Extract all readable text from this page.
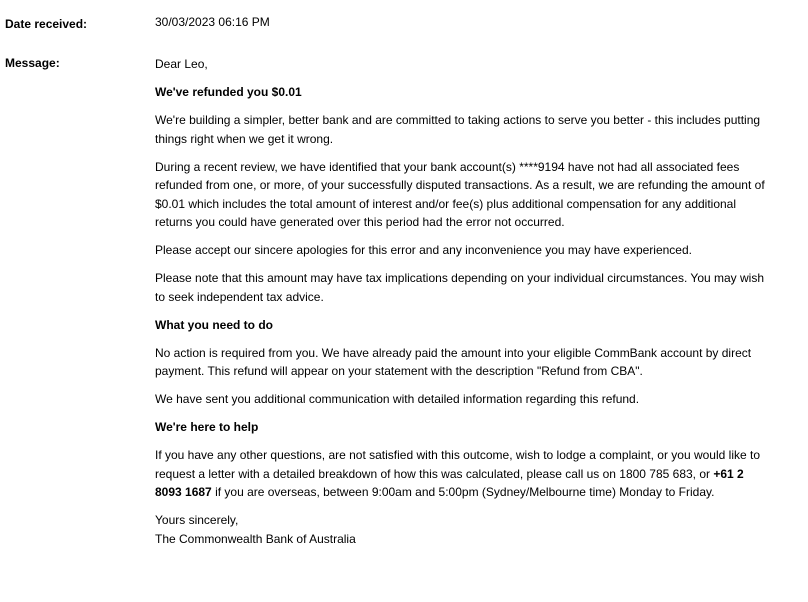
Date received:	30/03/2023 06:16 PM
Message:	Dear Leo,

We've refunded you $0.01

We're building a simpler, better bank and are committed to taking actions to serve you better - this includes putting things right when we get it wrong.

During a recent review, we have identified that your bank account(s) ****9194 have not had all associated fees refunded from one, or more, of your successfully disputed transactions. As a result, we are refunding the amount of $0.01 which includes the total amount of interest and/or fee(s) plus additional compensation for any additional returns you could have generated over this period had the error not occurred.

Please accept our sincere apologies for this error and any inconvenience you may have experienced.

Please note that this amount may have tax implications depending on your individual circumstances. You may wish to seek independent tax advice.

What you need to do

No action is required from you. We have already paid the amount into your eligible CommBank account by direct payment. This refund will appear on your statement with the description "Refund from CBA".

We have sent you additional communication with detailed information regarding this refund.

We're here to help

If you have any other questions, are not satisfied with this outcome, wish to lodge a complaint, or you would like to request a letter with a detailed breakdown of how this was calculated, please call us on 1800 785 683, or +61 2 8093 1687 if you are overseas, between 9:00am and 5:00pm (Sydney/Melbourne time) Monday to Friday.

Yours sincerely,
The Commonwealth Bank of Australia
